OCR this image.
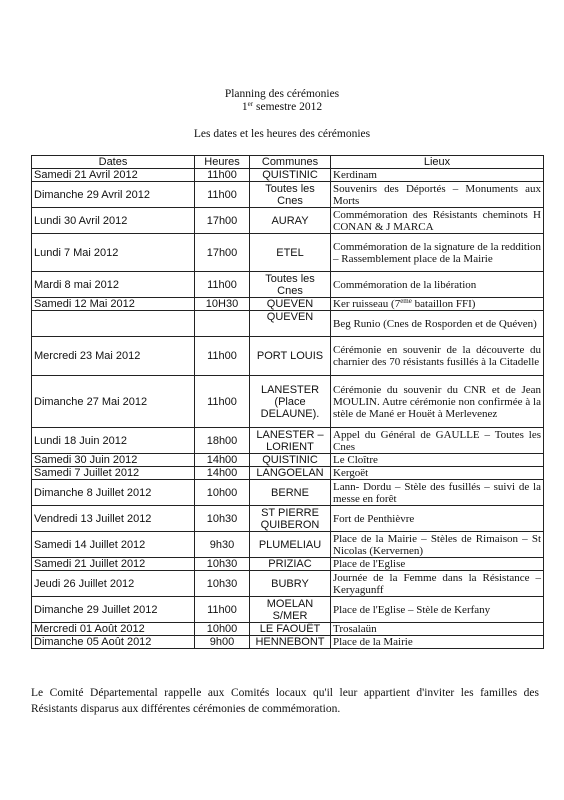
Planning des cérémonies
1er semestre 2012
Les dates et les heures des cérémonies
Dates	Heures	Communes	Lieux
Samedi 21 Avril 2012	11h00	QUISTINIC	Kerdinam
Dimanche 29 Avril 2012	11h00	Toutes les Cnes	Souvenirs des Déportés – Monuments aux Morts
Lundi 30 Avril 2012	17h00	AURAY	Commémoration des Résistants cheminots H CONAN & J MARCA
Lundi 7 Mai 2012	17h00	ETEL	Commémoration de la signature de la reddition – Rassemblement place de la Mairie
Mardi 8 mai 2012	11h00	Toutes les Cnes	Commémoration de la libération
Samedi 12 Mai 2012	10H30	QUEVEN	Ker ruisseau (7eme bataillon FFI)
		QUEVEN	Beg Runio (Cnes de Rosporden et de Quéven)
Mercredi 23 Mai 2012	11h00	PORT LOUIS	Cérémonie en souvenir de la découverte du charnier des 70 résistants fusillés à la Citadelle
Dimanche 27 Mai 2012	11h00	LANESTER (Place DELAUNE).	Cérémonie du souvenir du CNR et de Jean MOULIN. Autre cérémonie non confirmée à la stèle de Mané er Houët à Merlevenez
Lundi 18 Juin 2012	18h00	LANESTER – LORIENT	Appel du Général de GAULLE – Toutes les Cnes
Samedi 30 Juin 2012	14h00	QUISTINIC	Le Cloître
Samedi 7 Juillet 2012	14h00	LANGOELAN	Kergoët
Dimanche 8 Juillet 2012	10h00	BERNE	Lann- Dordu – Stèle des fusillés – suivi de la messe en forêt
Vendredi 13 Juillet 2012	10h30	ST PIERRE QUIBERON	Fort de Penthièvre
Samedi 14 Juillet 2012	9h30	PLUMELIAU	Place de la Mairie – Stèles de Rimaison – St Nicolas (Kervernen)
Samedi 21 Juillet 2012	10h30	PRIZIAC	Place de l'Eglise
Jeudi 26 Juillet 2012	10h30	BUBRY	Journée de la Femme dans la Résistance – Keryagunff
Dimanche 29 Juillet 2012	11h00	MOELAN S/MER	Place de l'Eglise – Stèle de Kerfany
Mercredi 01 Août 2012	10h00	LE FAOUËT	Trosalaün
Dimanche 05 Août 2012	9h00	HENNEBONT	Place de la Mairie
Le Comité Départemental rappelle aux Comités locaux qu'il leur appartient d'inviter les familles des Résistants disparus aux différentes cérémonies de commémoration.
